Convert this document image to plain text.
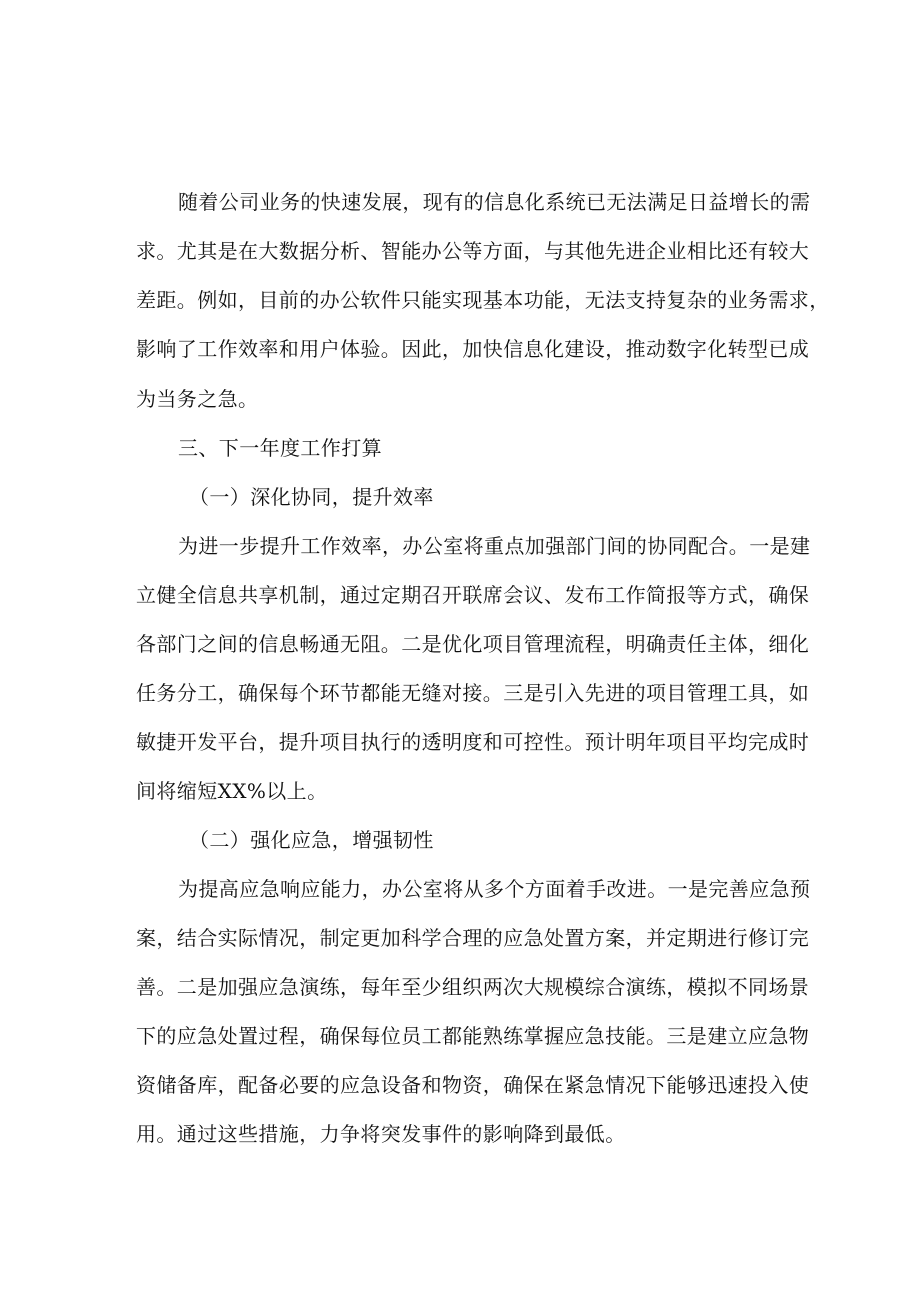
随着公司业务的快速发展，现有的信息化系统已无法满足日益增长的需
求。尤其是在大数据分析、智能办公等方面，与其他先进企业相比还有较大
差距。例如，目前的办公软件只能实现基本功能，无法支持复杂的业务需求，
影响了工作效率和用户体验。因此，加快信息化建设，推动数字化转型已成
为当务之急。
三、下一年度工作打算
（一）深化协同，提升效率
为进一步提升工作效率，办公室将重点加强部门间的协同配合。一是建
立健全信息共享机制，通过定期召开联席会议、发布工作简报等方式，确保
各部门之间的信息畅通无阻。二是优化项目管理流程，明确责任主体，细化
任务分工，确保每个环节都能无缝对接。三是引入先进的项目管理工具，如
敏捷开发平台，提升项目执行的透明度和可控性。预计明年项目平均完成时
间将缩短XX%以上。
（二）强化应急，增强韧性
为提高应急响应能力，办公室将从多个方面着手改进。一是完善应急预
案，结合实际情况，制定更加科学合理的应急处置方案，并定期进行修订完
善。二是加强应急演练，每年至少组织两次大规模综合演练，模拟不同场景
下的应急处置过程，确保每位员工都能熟练掌握应急技能。三是建立应急物
资储备库，配备必要的应急设备和物资，确保在紧急情况下能够迅速投入使
用。通过这些措施，力争将突发事件的影响降到最低。
